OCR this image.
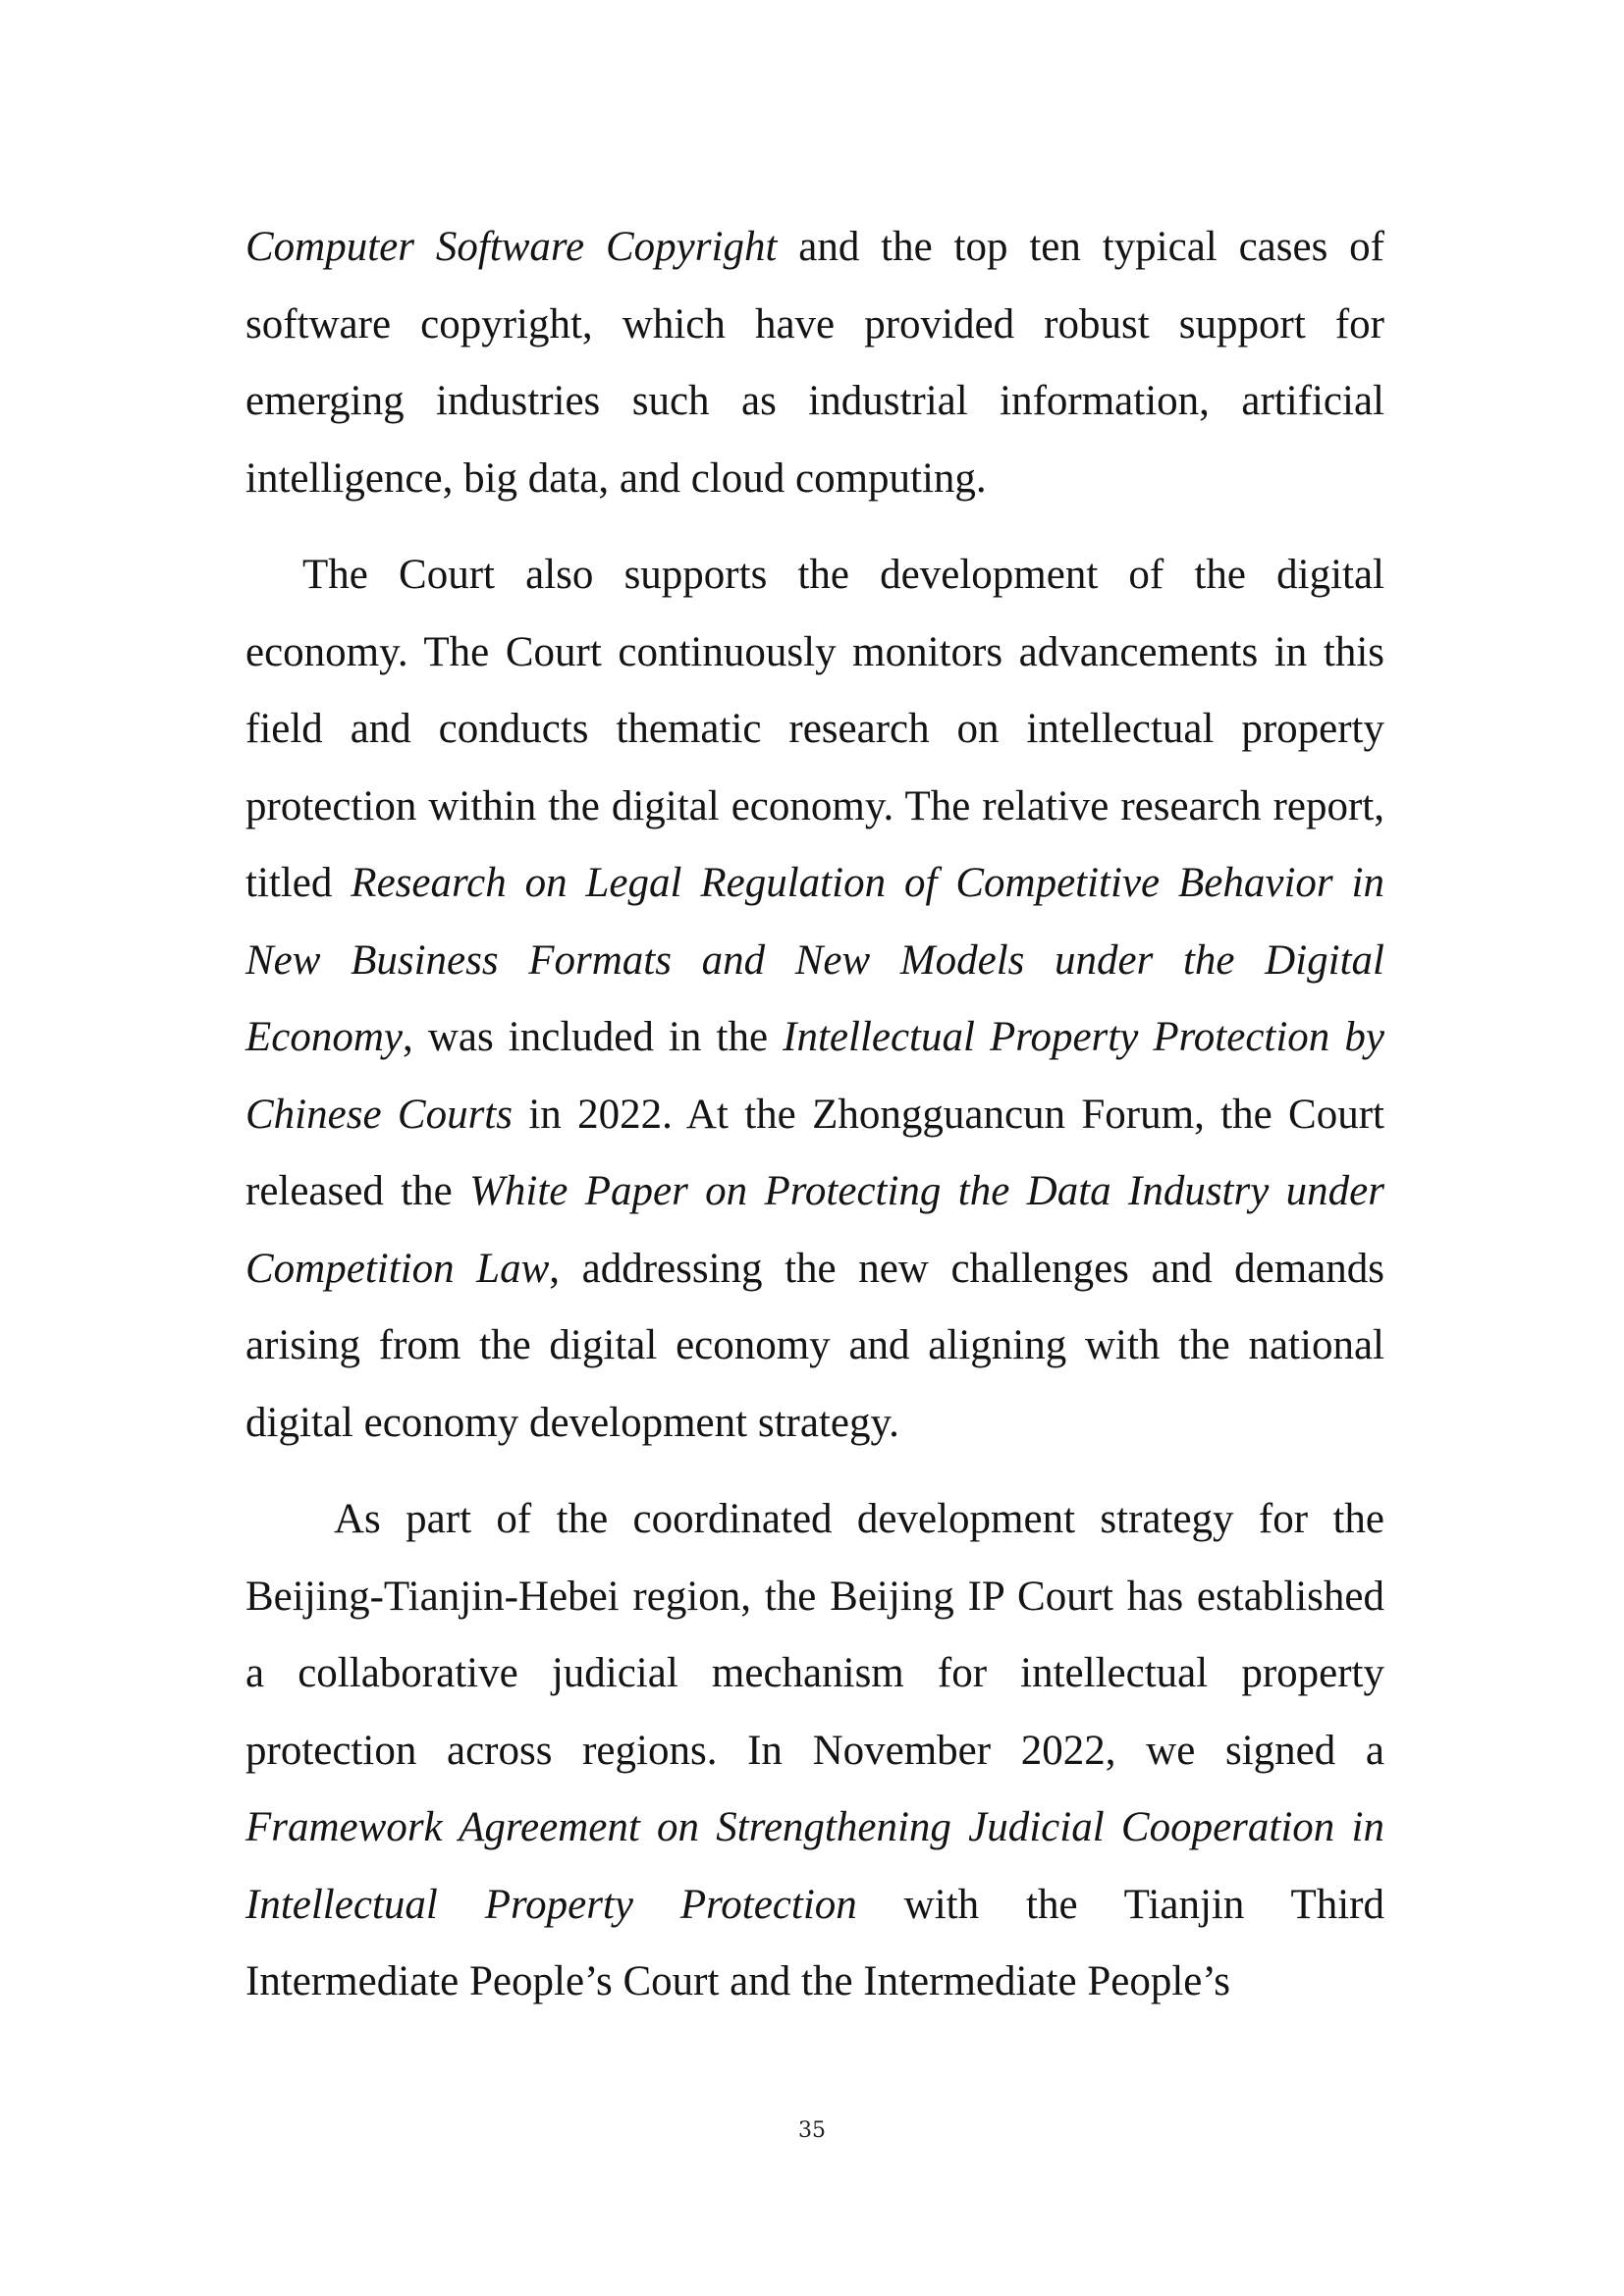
Computer Software Copyright and the top ten typical cases of software copyright, which have provided robust support for emerging industries such as industrial information, artificial intelligence, big data, and cloud computing.

The Court also supports the development of the digital economy. The Court continuously monitors advancements in this field and conducts thematic research on intellectual property protection within the digital economy. The relative research report, titled Research on Legal Regulation of Competitive Behavior in New Business Formats and New Models under the Digital Economy, was included in the Intellectual Property Protection by Chinese Courts in 2022. At the Zhongguancun Forum, the Court released the White Paper on Protecting the Data Industry under Competition Law, addressing the new challenges and demands arising from the digital economy and aligning with the national digital economy development strategy.

As part of the coordinated development strategy for the Beijing-Tianjin-Hebei region, the Beijing IP Court has established a collaborative judicial mechanism for intellectual property protection across regions. In November 2022, we signed a Framework Agreement on Strengthening Judicial Cooperation in Intellectual Property Protection with the Tianjin Third Intermediate People’s Court and the Intermediate People’s

35
